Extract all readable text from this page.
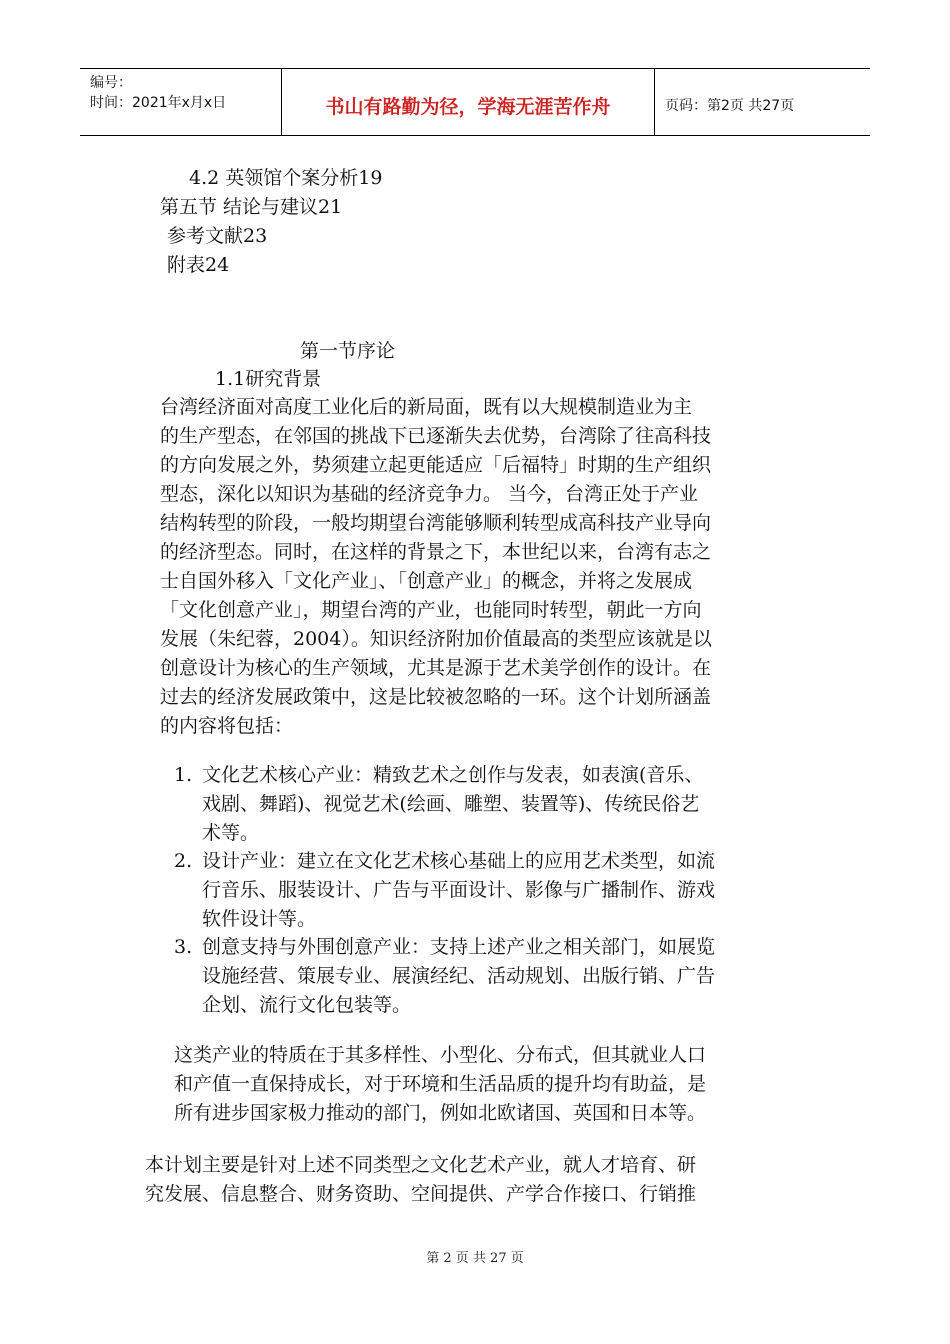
编号：
时间：2021年x月x日	书山有路勤为径，学海无涯苦作舟	页码：第2页 共27页
4.2 英领馆个案分析19
第五节 结论与建议21
参考文献23
附表24
第一节序论
1.1研究背景
台湾经济面对高度工业化后的新局面，既有以大规模制造业为主
的生产型态，在邻国的挑战下已逐渐失去优势，台湾除了往高科技
的方向发展之外，势须建立起更能适应「后福特」时期的生产组织
型态，深化以知识为基础的经济竞争力。 当今，台湾正处于产业
结构转型的阶段，一般均期望台湾能够顺利转型成高科技产业导向
的经济型态。同时，在这样的背景之下，本世纪以来，台湾有志之
士自国外移入「文化产业」、「创意产业」的概念，并将之发展成
「文化创意产业」，期望台湾的产业，也能同时转型，朝此一方向
发展（朱纪蓉，2004）。知识经济附加价值最高的类型应该就是以
创意设计为核心的生产领域，尤其是源于艺术美学创作的设计。在
过去的经济发展政策中，这是比较被忽略的一环。这个计划所涵盖
的内容将包括：
1. 文化艺术核心产业：精致艺术之创作与发表，如表演(音乐、
戏剧、舞蹈)、视觉艺术(绘画、雕塑、装置等)、传统民俗艺
术等。
2. 设计产业：建立在文化艺术核心基础上的应用艺术类型，如流
行音乐、服装设计、广告与平面设计、影像与广播制作、游戏
软件设计等。
3. 创意支持与外围创意产业：支持上述产业之相关部门，如展览
设施经营、策展专业、展演经纪、活动规划、出版行销、广告
企划、流行文化包装等。
这类产业的特质在于其多样性、小型化、分布式，但其就业人口
和产值一直保持成长，对于环境和生活品质的提升均有助益，是
所有进步国家极力推动的部门，例如北欧诸国、英国和日本等。
本计划主要是针对上述不同类型之文化艺术产业，就人才培育、研
究发展、信息整合、财务资助、空间提供、产学合作接口、行销推
第 2 页 共 27 页
